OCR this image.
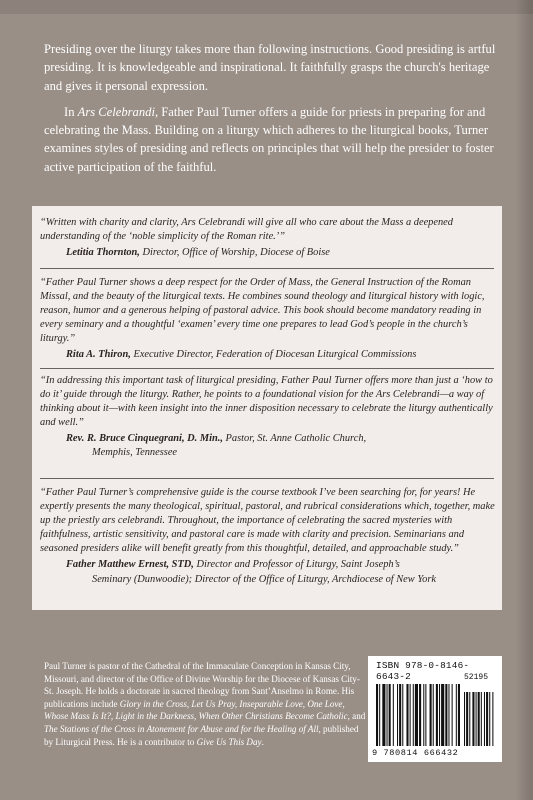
Presiding over the liturgy takes more than following instructions. Good presiding is artful presiding. It is knowledgeable and inspirational. It faithfully grasps the church's heritage and gives it personal expression.

In Ars Celebrandi, Father Paul Turner offers a guide for priests in preparing for and celebrating the Mass. Building on a liturgy which adheres to the liturgical books, Turner examines styles of presiding and reflects on principles that will help the presider to foster active participation of the faithful.

“Written with charity and clarity, Ars Celebrandi will give all who care about the Mass a deepened understanding of the ‘noble simplicity of the Roman rite.’”

Letitia Thornton, Director, Office of Worship, Diocese of Boise

“Father Paul Turner shows a deep respect for the Order of Mass, the General Instruction of the Roman Missal, and the beauty of the liturgical texts. He combines sound theology and liturgical history with logic, reason, humor and a generous helping of pastoral advice. This book should become mandatory reading in every seminary and a thoughtful ‘examen’ every time one prepares to lead God’s people in the church’s liturgy.”

Rita A. Thiron, Executive Director, Federation of Diocesan Liturgical Commissions

“In addressing this important task of liturgical presiding, Father Paul Turner offers more than just a ‘how to do it’ guide through the liturgy. Rather, he points to a foundational vision for the Ars Celebrandi—a way of thinking about it—with keen insight into the inner disposition necessary to celebrate the liturgy authentically and well.”

Rev. R. Bruce Cinquegrani, D. Min., Pastor, St. Anne Catholic Church,
Memphis, Tennessee

“Father Paul Turner’s comprehensive guide is the course textbook I’ve been searching for, for years! He expertly presents the many theological, spiritual, pastoral, and rubrical considerations which, together, make up the priestly ars celebrandi. Throughout, the importance of celebrating the sacred mysteries with faithfulness, artistic sensitivity, and pastoral care is made with clarity and precision. Seminarians and seasoned presiders alike will benefit greatly from this thoughtful, detailed, and approachable study.”

Father Matthew Ernest, STD, Director and Professor of Liturgy, Saint Joseph’s
Seminary (Dunwoodie); Director of the Office of Liturgy, Archdiocese of New York

Paul Turner is pastor of the Cathedral of the Immaculate Conception in Kansas City, Missouri, and director of the Office of Divine Worship for the Diocese of Kansas City-St. Joseph. He holds a doctorate in sacred theology from Sant’Anselmo in Rome. His publications include Glory in the Cross, Let Us Pray, Inseparable Love, One Love, Whose Mass Is It?, Light in the Darkness, When Other Christians Become Catholic, and The Stations of the Cross in Atonement for Abuse and for the Healing of All, published by Liturgical Press. He is a contributor to Give Us This Day.

ISBN 978-0-8146-6643-2	52195
9 780814 666432
